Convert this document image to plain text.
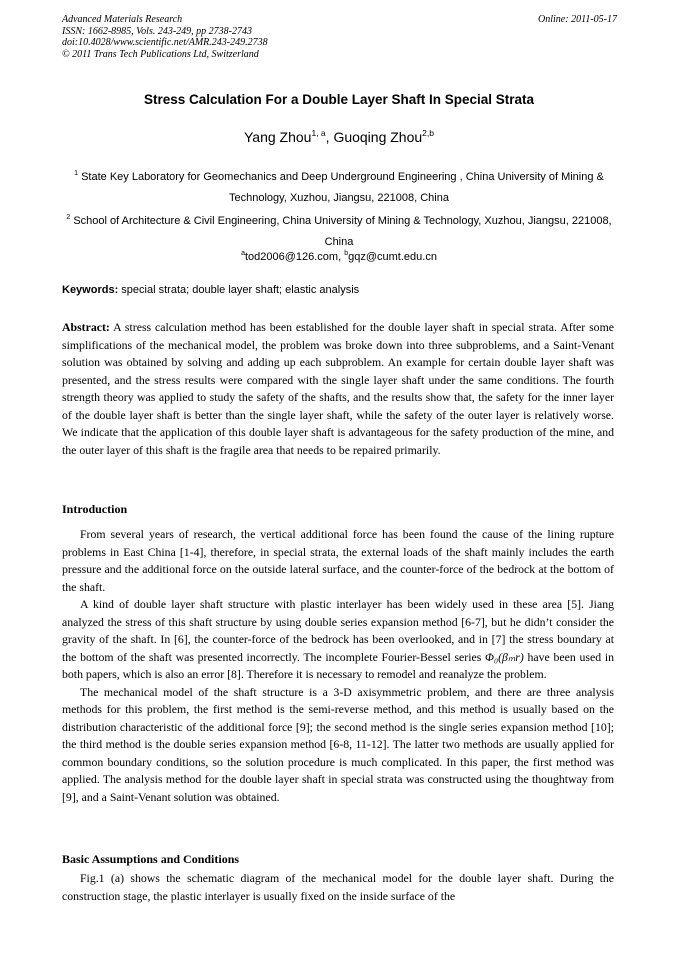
Advanced Materials Research
ISSN: 1662-8985, Vols. 243-249, pp 2738-2743
doi:10.4028/www.scientific.net/AMR.243-249.2738
© 2011 Trans Tech Publications Ltd, Switzerland
Online: 2011-05-17
Stress Calculation For a Double Layer Shaft In Special Strata
Yang Zhou$^{1, a}$, Guoqing Zhou$^{2,b}$
$^1$ State Key Laboratory for Geomechanics and Deep Underground Engineering , China University of Mining & Technology, Xuzhou, Jiangsu, 221008, China
$^2$ School of Architecture & Civil Engineering, China University of Mining & Technology, Xuzhou, Jiangsu, 221008, China
$^a$tod2006@126.com, $^b$gqz@cumt.edu.cn
Keywords: special strata; double layer shaft; elastic analysis

Abstract: A stress calculation method has been established for the double layer shaft in special strata. After some simplifications of the mechanical model, the problem was broke down into three subproblems, and a Saint-Venant solution was obtained by solving and adding up each subproblem. An example for certain double layer shaft was presented, and the stress results were compared with the single layer shaft under the same conditions. The fourth strength theory was applied to study the safety of the shafts, and the results show that, the safety for the inner layer of the double layer shaft is better than the single layer shaft, while the safety of the outer layer is relatively worse. We indicate that the application of this double layer shaft is advantageous for the safety production of the mine, and the outer layer of this shaft is the fragile area that needs to be repaired primarily.

Introduction

From several years of research, the vertical additional force has been found the cause of the lining rupture problems in East China [1-4], therefore, in special strata, the external loads of the shaft mainly includes the earth pressure and the additional force on the outside lateral surface, and the counter-force of the bedrock at the bottom of the shaft.

A kind of double layer shaft structure with plastic interlayer has been widely used in these area [5]. Jiang analyzed the stress of this shaft structure by using double series expansion method [6-7], but he didn’t consider the gravity of the shaft. In [6], the counter-force of the bedrock has been overlooked, and in [7] the stress boundary at the bottom of the shaft was presented incorrectly. The incomplete Fourier-Bessel series Φ₀(βₘr) have been used in both papers, which is also an error [8]. Therefore it is necessary to remodel and reanalyze the problem.

The mechanical model of the shaft structure is a 3-D axisymmetric problem, and there are three analysis methods for this problem, the first method is the semi-reverse method, and this method is usually based on the distribution characteristic of the additional force [9]; the second method is the single series expansion method [10]; the third method is the double series expansion method [6-8, 11-12]. The latter two methods are usually applied for common boundary conditions, so the solution procedure is much complicated. In this paper, the first method was applied. The analysis method for the double layer shaft in special strata was constructed using the thoughtway from [9], and a Saint-Venant solution was obtained.

Basic Assumptions and Conditions

Fig.1 (a) shows the schematic diagram of the mechanical model for the double layer shaft. During the construction stage, the plastic interlayer is usually fixed on the inside surface of the
